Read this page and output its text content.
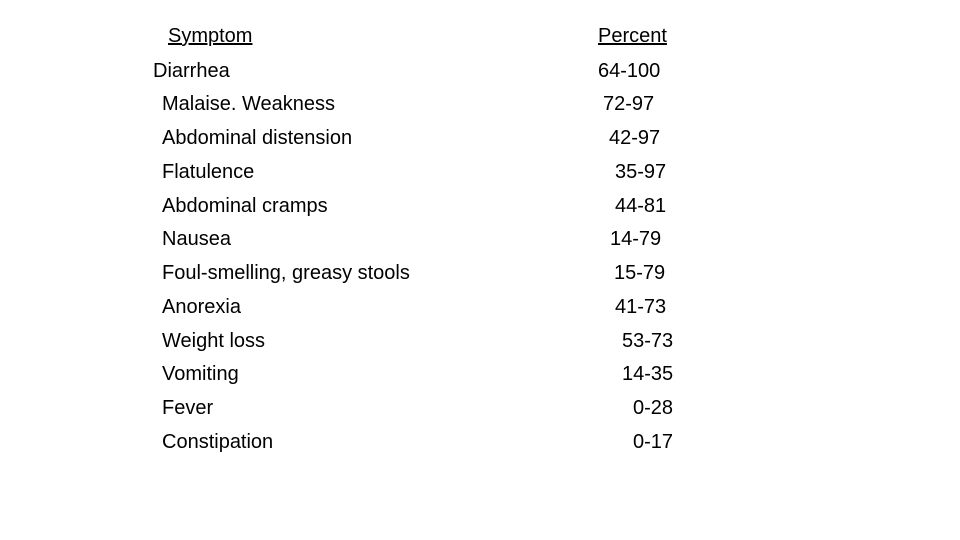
Symptom	Percent
Diarrhea	64-100
Malaise. Weakness	72-97
Abdominal distension	42-97
Flatulence	35-97
Abdominal cramps	44-81
Nausea	14-79
Foul-smelling, greasy stools	15-79
Anorexia	41-73
Weight loss	53-73
Vomiting	14-35
Fever	0-28
Constipation	0-17
